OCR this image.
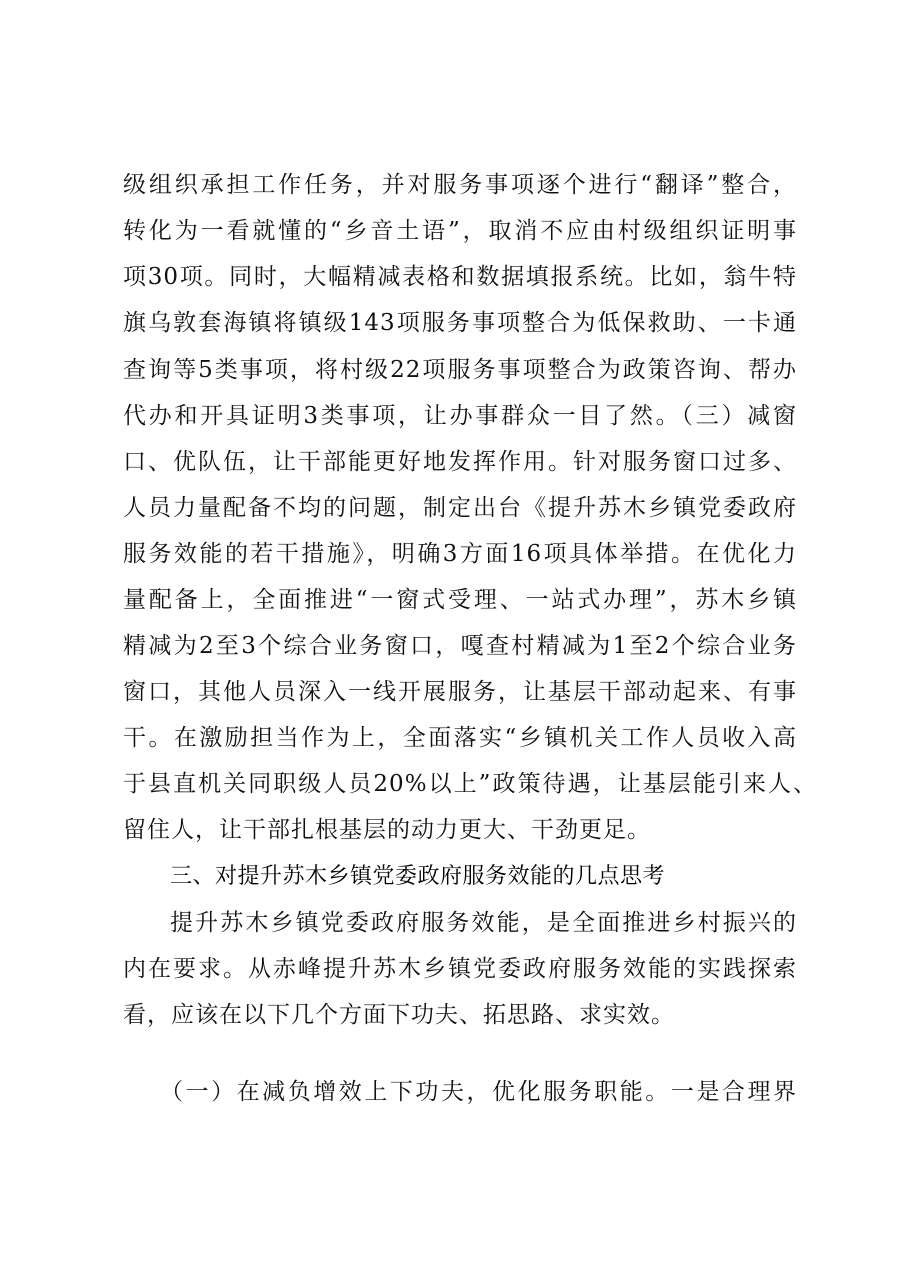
级组织承担工作任务，并对服务事项逐个进行“翻译”整合，
转化为一看就懂的“乡音土语”，取消不应由村级组织证明事
项30项。同时，大幅精减表格和数据填报系统。比如，翁牛特
旗乌敦套海镇将镇级143项服务事项整合为低保救助、一卡通
查询等5类事项，将村级22项服务事项整合为政策咨询、帮办
代办和开具证明3类事项，让办事群众一目了然。（三）减窗
口、优队伍，让干部能更好地发挥作用。针对服务窗口过多、
人员力量配备不均的问题，制定出台《提升苏木乡镇党委政府
服务效能的若干措施》，明确3方面16项具体举措。在优化力
量配备上，全面推进“一窗式受理、一站式办理”，苏木乡镇
精减为2至3个综合业务窗口，嘎查村精减为1至2个综合业务
窗口，其他人员深入一线开展服务，让基层干部动起来、有事
干。在激励担当作为上，全面落实“乡镇机关工作人员收入高
于县直机关同职级人员20%以上”政策待遇，让基层能引来人、
留住人，让干部扎根基层的动力更大、干劲更足。
三、对提升苏木乡镇党委政府服务效能的几点思考
提升苏木乡镇党委政府服务效能，是全面推进乡村振兴的
内在要求。从赤峰提升苏木乡镇党委政府服务效能的实践探索
看，应该在以下几个方面下功夫、拓思路、求实效。
（一）在减负增效上下功夫，优化服务职能。一是合理界
